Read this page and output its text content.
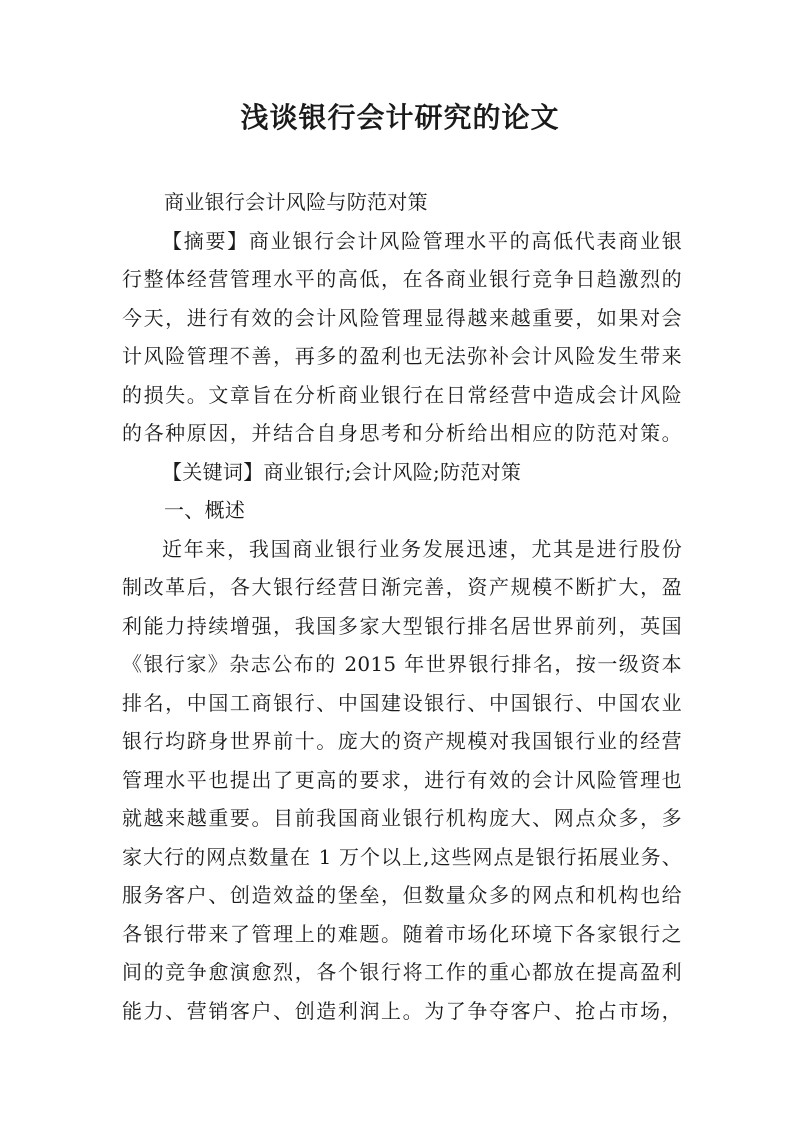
浅谈银行会计研究的论文
商业银行会计风险与防范对策
【摘要】商业银行会计风险管理水平的高低代表商业银
行整体经营管理水平的高低，在各商业银行竞争日趋激烈的
今天，进行有效的会计风险管理显得越来越重要，如果对会
计风险管理不善，再多的盈利也无法弥补会计风险发生带来
的损失。文章旨在分析商业银行在日常经营中造成会计风险
的各种原因，并结合自身思考和分析给出相应的防范对策。
【关键词】商业银行;会计风险;防范对策
一、概述
近年来，我国商业银行业务发展迅速，尤其是进行股份
制改革后，各大银行经营日渐完善，资产规模不断扩大，盈
利能力持续增强，我国多家大型银行排名居世界前列，英国
《银行家》杂志公布的 2015 年世界银行排名，按一级资本
排名，中国工商银行、中国建设银行、中国银行、中国农业
银行均跻身世界前十。庞大的资产规模对我国银行业的经营
管理水平也提出了更高的要求，进行有效的会计风险管理也
就越来越重要。目前我国商业银行机构庞大、网点众多，多
家大行的网点数量在 1 万个以上,这些网点是银行拓展业务、
服务客户、创造效益的堡垒，但数量众多的网点和机构也给
各银行带来了管理上的难题。随着市场化环境下各家银行之
间的竞争愈演愈烈，各个银行将工作的重心都放在提高盈利
能力、营销客户、创造利润上。为了争夺客户、抢占市场，
